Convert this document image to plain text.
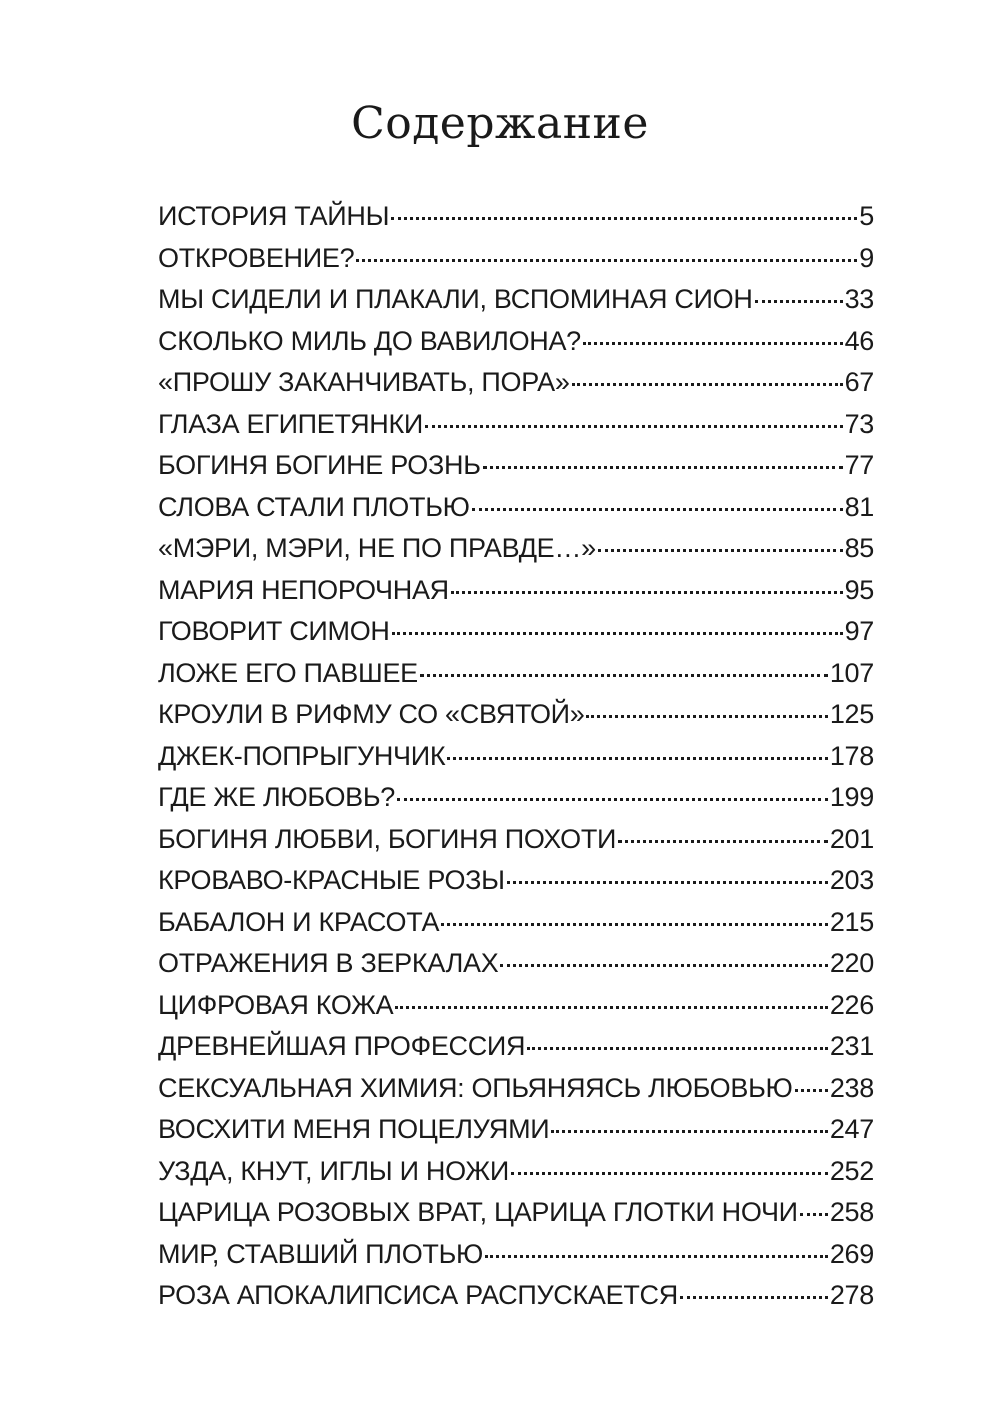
Содержание
ИСТОРИЯ ТАЙНЫ	5
ОТКРОВЕНИЕ?	9
МЫ СИДЕЛИ И ПЛАКАЛИ, ВСПОМИНАЯ СИОН	33
СКОЛЬКО МИЛЬ ДО ВАВИЛОНА?	46
«ПРОШУ ЗАКАНЧИВАТЬ, ПОРА»	67
ГЛАЗА ЕГИПЕТЯНКИ	73
БОГИНЯ БОГИНЕ РОЗНЬ	77
СЛОВА СТАЛИ ПЛОТЬЮ	81
«МЭРИ, МЭРИ, НЕ ПО ПРАВДЕ…»	85
МАРИЯ НЕПОРОЧНАЯ	95
ГОВОРИТ СИМОН	97
ЛОЖЕ ЕГО ПАВШЕЕ	107
КРОУЛИ В РИФМУ СО «СВЯТОЙ»	125
ДЖЕК-ПОПРЫГУНЧИК	178
ГДЕ ЖЕ ЛЮБОВЬ?	199
БОГИНЯ ЛЮБВИ, БОГИНЯ ПОХОТИ	201
КРОВАВО-КРАСНЫЕ РОЗЫ	203
БАБАЛОН И КРАСОТА	215
ОТРАЖЕНИЯ В ЗЕРКАЛАХ	220
ЦИФРОВАЯ КОЖА	226
ДРЕВНЕЙШАЯ ПРОФЕССИЯ	231
СЕКСУАЛЬНАЯ ХИМИЯ: ОПЬЯНЯЯСЬ ЛЮБОВЬЮ 238
ВОСХИТИ МЕНЯ ПОЦЕЛУЯМИ	247
УЗДА, КНУТ, ИГЛЫ И НОЖИ	252
ЦАРИЦА РОЗОВЫХ ВРАТ, ЦАРИЦА ГЛОТКИ НОЧИ 258
МИР, СТАВШИЙ ПЛОТЬЮ	269
РОЗА АПОКАЛИПСИСА РАСПУСКАЕТСЯ	278
